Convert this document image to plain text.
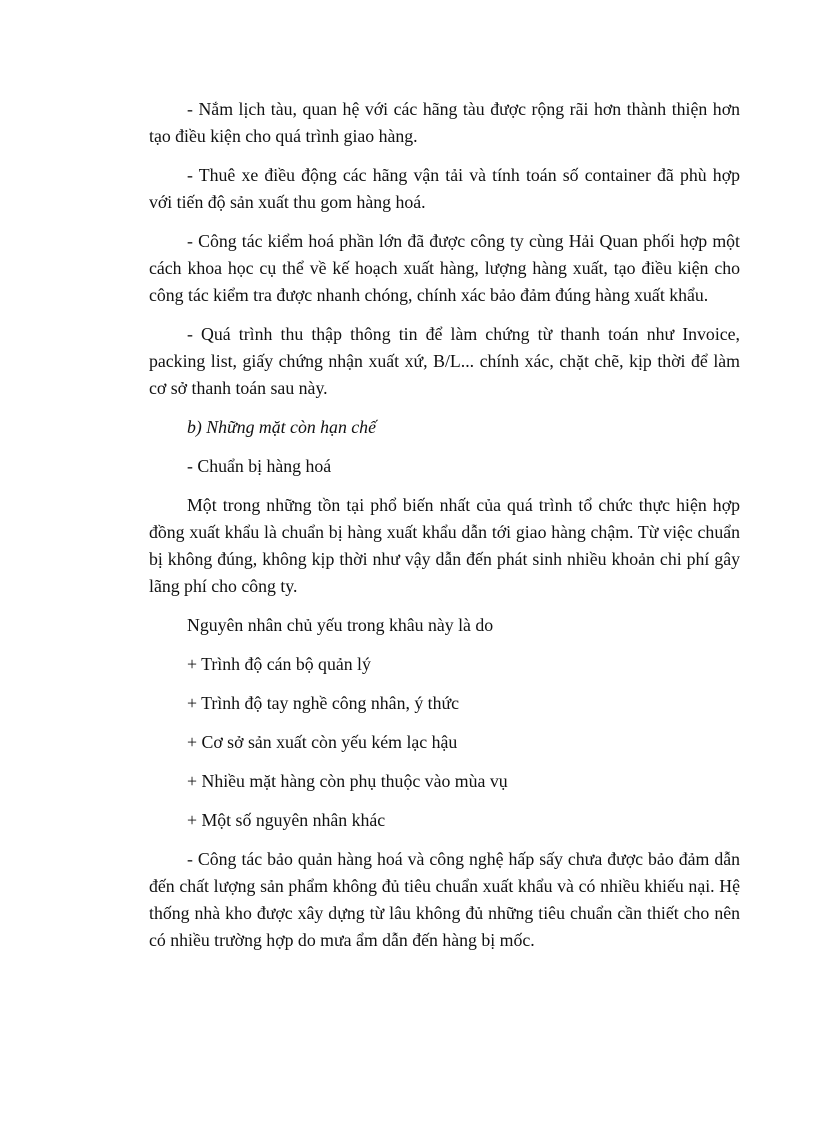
- Nắm lịch tàu, quan hệ với các hãng tàu được rộng rãi hơn thành thiện hơn tạo điều kiện cho quá trình giao hàng.

- Thuê xe điều động các hãng vận tải và tính toán số container đã phù hợp với tiến độ sản xuất thu gom hàng hoá.

- Công tác kiểm hoá phần lớn đã được công ty cùng Hải Quan phối hợp một cách khoa học cụ thể về kế hoạch xuất hàng, lượng hàng xuất, tạo điều kiện cho công tác kiểm tra được nhanh chóng, chính xác bảo đảm đúng hàng xuất khẩu.

- Quá trình thu thập thông tin để làm chứng từ thanh toán như Invoice, packing list, giấy chứng nhận xuất xứ, B/L... chính xác, chặt chẽ, kịp thời để làm cơ sở thanh toán sau này.

b) Những mặt còn hạn chế

- Chuẩn bị hàng hoá

Một trong những tồn tại phổ biến nhất của quá trình tổ chức thực hiện hợp đồng xuất khẩu là chuẩn bị hàng xuất khẩu dẫn tới giao hàng chậm. Từ việc chuẩn bị không đúng, không kịp thời như vậy dẫn đến phát sinh nhiều khoản chi phí gây lãng phí cho công ty.

Nguyên nhân chủ yếu trong khâu này là do

+ Trình độ cán bộ quản lý

+ Trình độ tay nghề công nhân, ý thức

+ Cơ sở sản xuất còn yếu kém lạc hậu

+ Nhiều mặt hàng còn phụ thuộc vào mùa vụ

+ Một số nguyên nhân khác

- Công tác bảo quản hàng hoá và công nghệ hấp sấy chưa được bảo đảm dẫn đến chất lượng sản phẩm không đủ tiêu chuẩn xuất khẩu và có nhiều khiếu nại. Hệ thống nhà kho được xây dựng từ lâu không đủ những tiêu chuẩn cần thiết cho nên có nhiều trường hợp do mưa ẩm dẫn đến hàng bị mốc.
